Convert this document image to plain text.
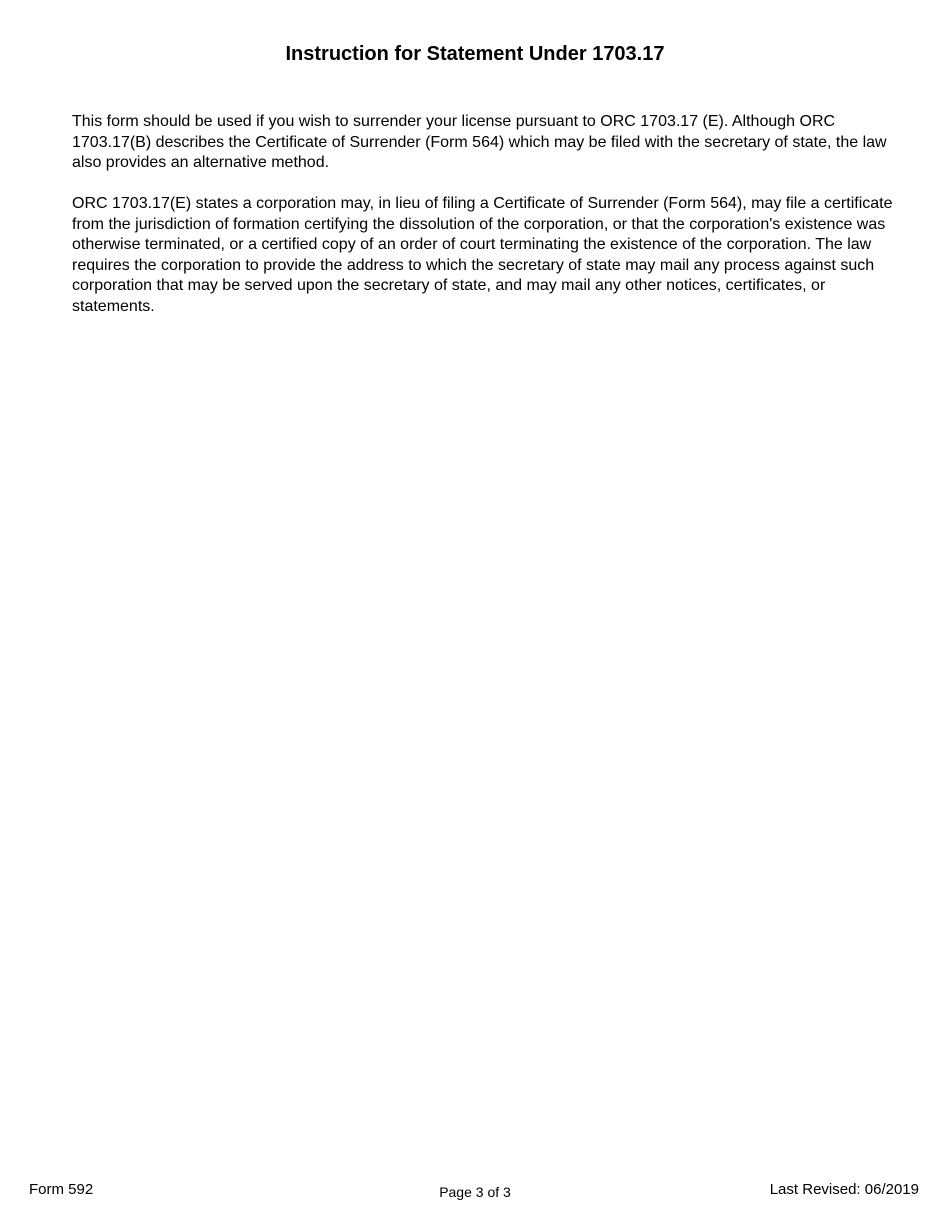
Instruction for Statement Under 1703.17

This form should be used if you wish to surrender your license pursuant to ORC 1703.17 (E). Although ORC 1703.17(B) describes the Certificate of Surrender (Form 564) which may be filed with the secretary of state, the law also provides an alternative method.

ORC 1703.17(E) states a corporation may, in lieu of filing a Certificate of Surrender (Form 564), may file a certificate from the jurisdiction of formation certifying the dissolution of the corporation, or that the corporation's existence was otherwise terminated, or a certified copy of an order of court terminating the existence of the corporation. The law requires the corporation to provide the address to which the secretary of state may mail any process against such corporation that may be served upon the secretary of state, and may mail any other notices, certificates, or statements.

Form 592	Page 3 of 3	Last Revised: 06/2019
